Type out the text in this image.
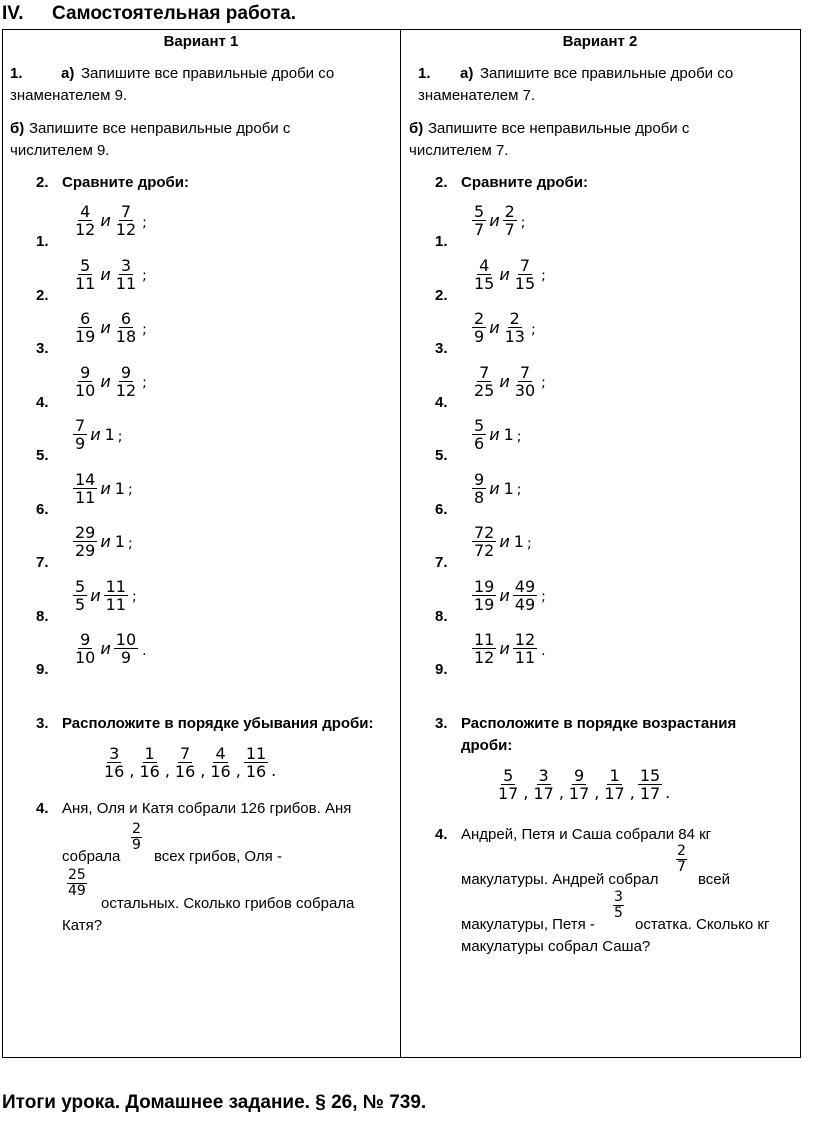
IV. Самостоятельная работа.
Вариант 1
1.	а) Запишите все правильные дроби со
знаменателем 9.
б) Запишите все неправильные дроби с
числителем 9.
2. Сравните дроби:
1.
$\frac{4}{12}$ и $\frac{7}{12}$ ;
2.
$\frac{5}{11}$ и $\frac{3}{11}$ ;
3.
$\frac{6}{19}$ и $\frac{6}{18}$ ;
4.
$\frac{9}{10}$ и $\frac{9}{12}$ ;
5.
$\frac{7}{9}$ и 1 ;
6.
$\frac{14}{11}$ и 1 ;
7.
$\frac{29}{29}$ и 1 ;
8.
$\frac{5}{5}$ и $\frac{11}{11}$ ;
9.
$\frac{9}{10}$ и $\frac{10}{9}$ .
3. Расположите в порядке убывания дроби:
$\frac{3}{16}$ , $\frac{1}{16}$ , $\frac{7}{16}$ , $\frac{4}{16}$ , $\frac{11}{16}$ .
4. Аня, Оля и Катя собрали 126 грибов. Аня
собрала
$\frac{2}{9}$
всех грибов, Оля -
$\frac{25}{49}$
остальных. Сколько грибов собрала
Катя?
Вариант 2
1. а) Запишите все правильные дроби со
знаменателем 7.
б) Запишите все неправильные дроби с
числителем 7.
2. Сравните дроби:
1.
$\frac{5}{7}$ и $\frac{2}{7}$ ;
2.
$\frac{4}{15}$ и $\frac{7}{15}$ ;
3.
$\frac{2}{9}$ и $\frac{2}{13}$ ;
4.
$\frac{7}{25}$ и $\frac{7}{30}$ ;
5.
$\frac{5}{6}$ и 1 ;
6.
$\frac{9}{8}$ и 1 ;
7.
$\frac{72}{72}$ и 1 ;
8.
$\frac{19}{19}$ и $\frac{49}{49}$ ;
9.
$\frac{11}{12}$ и $\frac{12}{11}$ .
3. Расположите в порядке возрастания
дроби:
$\frac{5}{17}$ , $\frac{3}{17}$ , $\frac{9}{17}$ , $\frac{1}{17}$ , $\frac{15}{17}$ .
4. Андрей, Петя и Саша собрали 84 кг
макулатуры. Андрей собрал
$\frac{2}{7}$
всей
макулатуры, Петя -
$\frac{3}{5}$
остатка. Сколько кг
макулатуры собрал Саша?
Итоги урока. Домашнее задание. § 26, № 739.
